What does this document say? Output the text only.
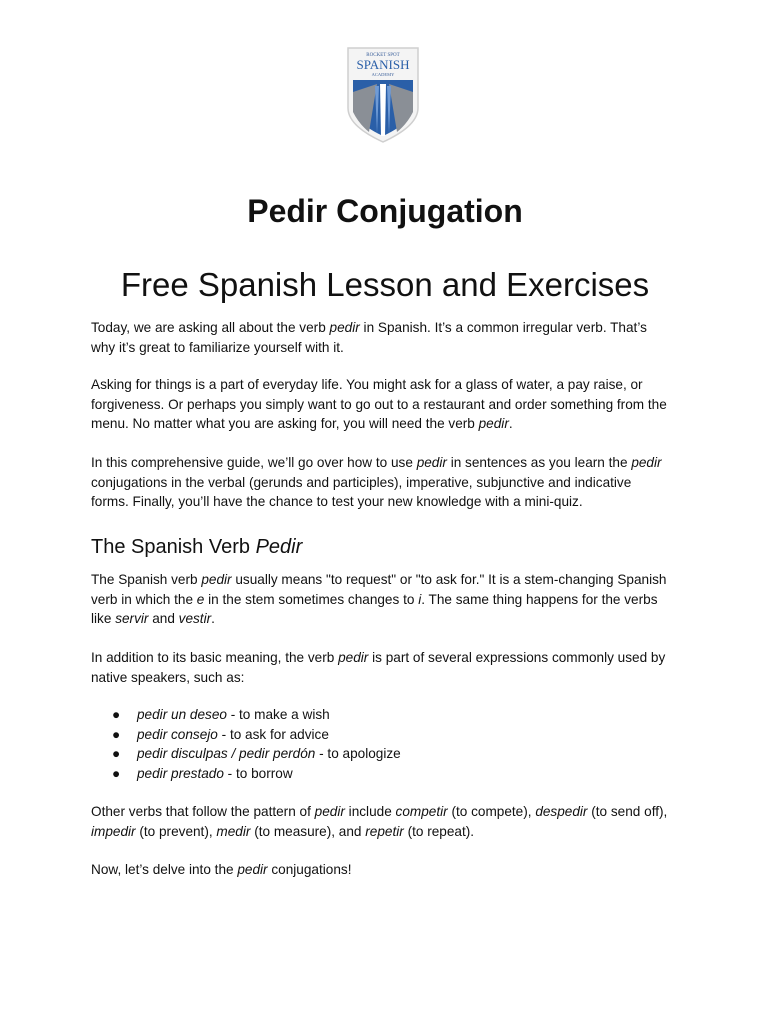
ROCKET SPOT
SPANISH
ACADEMY
Pedir Conjugation
Free Spanish Lesson and Exercises

Today, we are asking all about the verb pedir in Spanish. It’s a common irregular verb. That’s
why it’s great to familiarize yourself with it.

Asking for things is a part of everyday life. You might ask for a glass of water, a pay raise, or
forgiveness. Or perhaps you simply want to go out to a restaurant and order something from the
menu. No matter what you are asking for, you will need the verb pedir.

In this comprehensive guide, we’ll go over how to use pedir in sentences as you learn the pedir
conjugations in the verbal (gerunds and participles), imperative, subjunctive and indicative
forms. Finally, you’ll have the chance to test your new knowledge with a mini-quiz.

The Spanish Verb Pedir

The Spanish verb pedir usually means "to request" or "to ask for." It is a stem-changing Spanish
verb in which the e in the stem sometimes changes to i. The same thing happens for the verbs
like servir and vestir.

In addition to its basic meaning, the verb pedir is part of several expressions commonly used by
native speakers, such as:

● pedir un deseo - to make a wish
● pedir consejo - to ask for advice
● pedir disculpas / pedir perdón - to apologize
● pedir prestado - to borrow

Other verbs that follow the pattern of pedir include competir (to compete), despedir (to send off),
impedir (to prevent), medir (to measure), and repetir (to repeat).

Now, let’s delve into the pedir conjugations!
